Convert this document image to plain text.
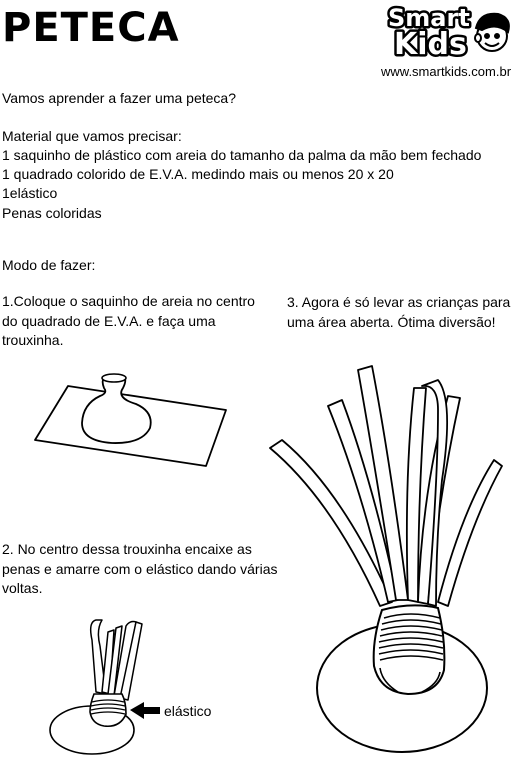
PETECA	Smart
Kids
www.smartkids.com.br
Vamos aprender a fazer uma peteca?
Material que vamos precisar:
1 saquinho de plástico com areia do tamanho da palma da mão bem fechado
1 quadrado colorido de E.V.A. medindo mais ou menos 20 x 20
1elástico
Penas coloridas
Modo de fazer:
1.Coloque o saquinho de areia no centro do quadrado de E.V.A. e faça uma trouxinha.
3. Agora é só levar as crianças para uma área aberta. Ótima diversão!
2. No centro dessa trouxinha encaixe as penas e amarre com o elástico dando várias voltas.
elástico
